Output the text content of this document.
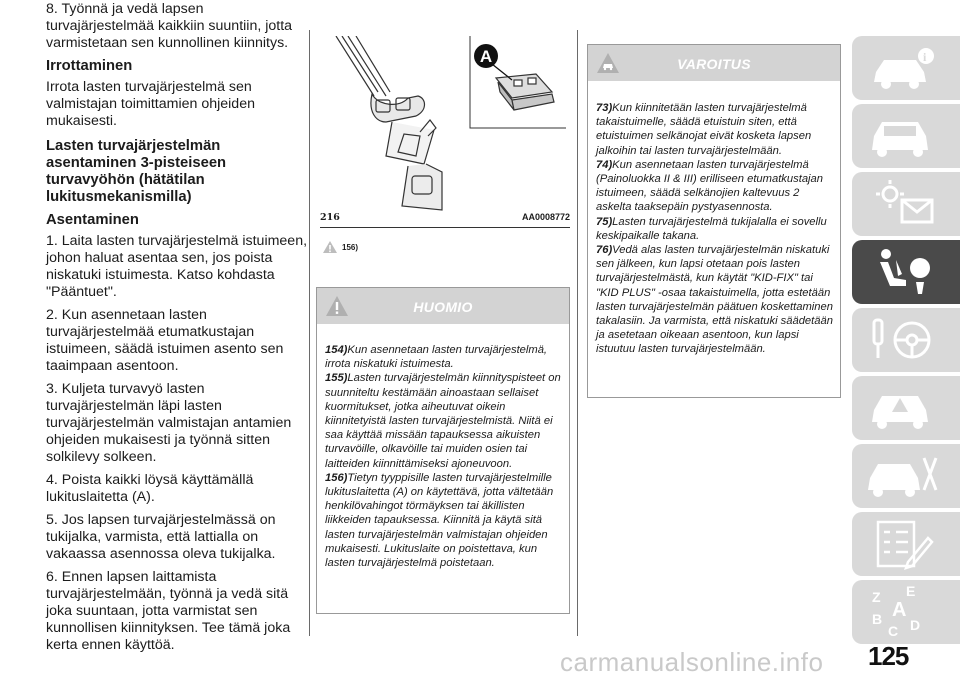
8. Työnnä ja vedä lapsen turvajärjestelmää kaikkiin suuntiin, jotta varmistetaan sen kunnollinen kiinnitys.

Irrottaminen

Irrota lasten turvajärjestelmä sen valmistajan toimittamien ohjeiden mukaisesti.

Lasten turvajärjestelmän asentaminen 3-pisteiseen turvavyöhön (hätätilan lukitusmekanismilla)
Asentaminen

1. Laita lasten turvajärjestelmä istuimeen, johon haluat asentaa sen, jos poista niskatuki istuimesta. Katso kohdasta "Pääntuet".

2. Kun asennetaan lasten turvajärjestelmää etumatkustajan istuimeen, säädä istuimen asento sen taaimpaan asentoon.

3. Kuljeta turvavyö lasten turvajärjestelmän läpi lasten turvajärjestelmän valmistajan antamien ohjeiden mukaisesti ja työnnä sitten solkilevy solkeen.

4. Poista kaikki löysä käyttämällä lukituslaitetta (A).

5. Jos lapsen turvajärjestelmässä on tukijalka, varmista, että lattialla on vakaassa asennossa oleva tukijalka.

6. Ennen lapsen laittamista turvajärjestelmään, työnnä ja vedä sitä joka suuntaan, jotta varmistat sen kunnollisen kiinnityksen. Tee tämä joka kerta ennen käyttöä.

A
216	AA0008772
156)
HUOMIO

154)Kun asennetaan lasten turvajärjestelmä, irrota niskatuki istuimesta.

155)Lasten turvajärjestelmän kiinnityspisteet on suunniteltu kestämään ainoastaan sellaiset kuormitukset, jotka aiheutuvat oikein kiinnitetyistä lasten turvajärjestelmistä. Niitä ei saa käyttää missään tapauksessa aikuisten turvavöille, olkavöille tai muiden osien tai laitteiden kiinnittämiseksi ajoneuvoon.

156)Tietyn tyyppisille lasten turvajärjestelmille lukituslaitetta (A) on käytettävä, jotta vältetään henkilövahingot törmäyksen tai äkillisten liikkeiden tapauksessa. Kiinnitä ja käytä sitä lasten turvajärjestelmän valmistajan ohjeiden mukaisesti. Lukituslaite on poistettava, kun lasten turvajärjestelmä poistetaan.

VAROITUS

73)Kun kiinnitetään lasten turvajärjestelmä takaistuimelle, säädä etuistuin siten, että etuistuimen selkänojat eivät kosketa lapsen jalkoihin tai lasten turvajärjestelmään.

74)Kun asennetaan lasten turvajärjestelmä (Painoluokka II & III) erilliseen etumatkustajan istuimeen, säädä selkänojien kaltevuus 2 askelta taaksepäin pystyasennosta.

75)Lasten turvajärjestelmä tukijalalla ei sovellu keskipaikalle takana.

76)Vedä alas lasten turvajärjestelmän niskatuki sen jälkeen, kun lapsi otetaan pois lasten turvajärjestelmästä, kun käytät "KID-FIX" tai "KID PLUS" -osaa takaistuimella, jotta estetään lasten turvajärjestelmän päätuen koskettaminen takalasiin. Ja varmista, että niskatuki säädetään ja asetetaan oikeaan asentoon, kun lapsi istuutuu lasten turvajärjestelmään.

i
Z E
B
C D
A
125
carmanualsonline.info
